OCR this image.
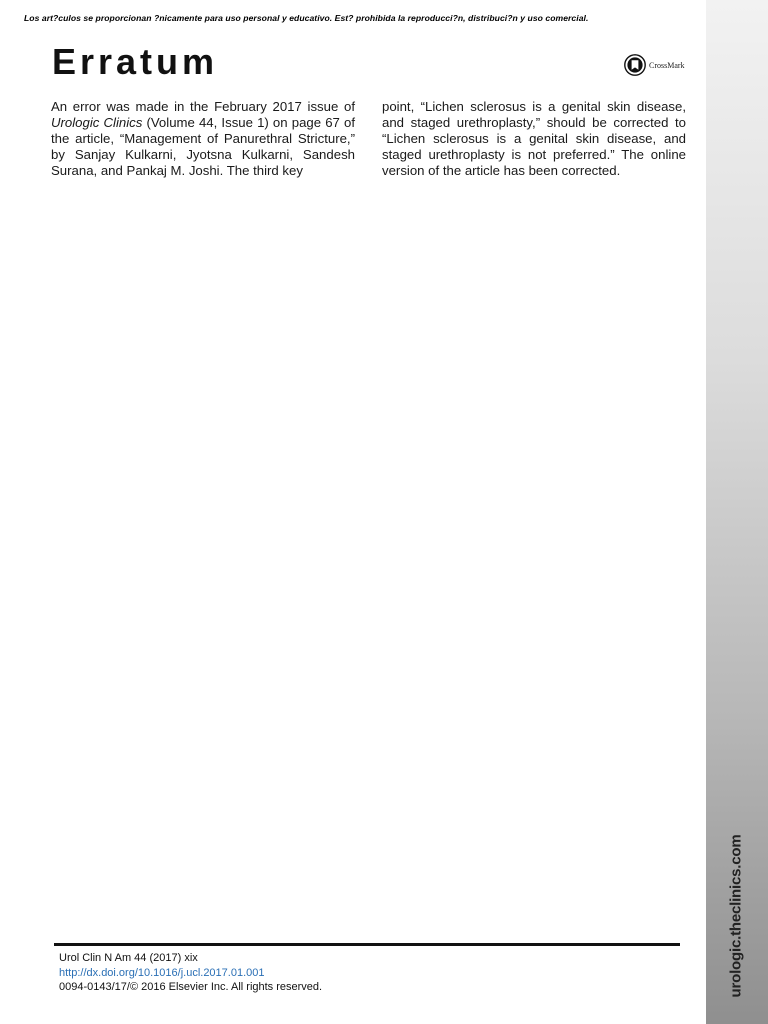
Los art?culos se proporcionan ?nicamente para uso personal y educativo. Est? prohibida la reproducci?n, distribuci?n y uso comercial.
Erratum	CrossMark

An error was made in the February 2017 issue of Urologic Clinics (Volume 44, Issue 1) on page 67 of the article, “Management of Panurethral Stricture,” by Sanjay Kulkarni, Jyotsna Kulkarni, Sandesh Surana, and Pankaj M. Joshi. The third key

point, “Lichen sclerosus is a genital skin disease, and staged urethroplasty,” should be corrected to “Lichen sclerosus is a genital skin disease, and staged urethroplasty is not preferred.” The online version of the article has been corrected.

Urol Clin N Am 44 (2017) xix
http://dx.doi.org/10.1016/j.ucl.2017.01.001
0094-0143/17/© 2016 Elsevier Inc. All rights reserved.	urologic.theclinics.com
